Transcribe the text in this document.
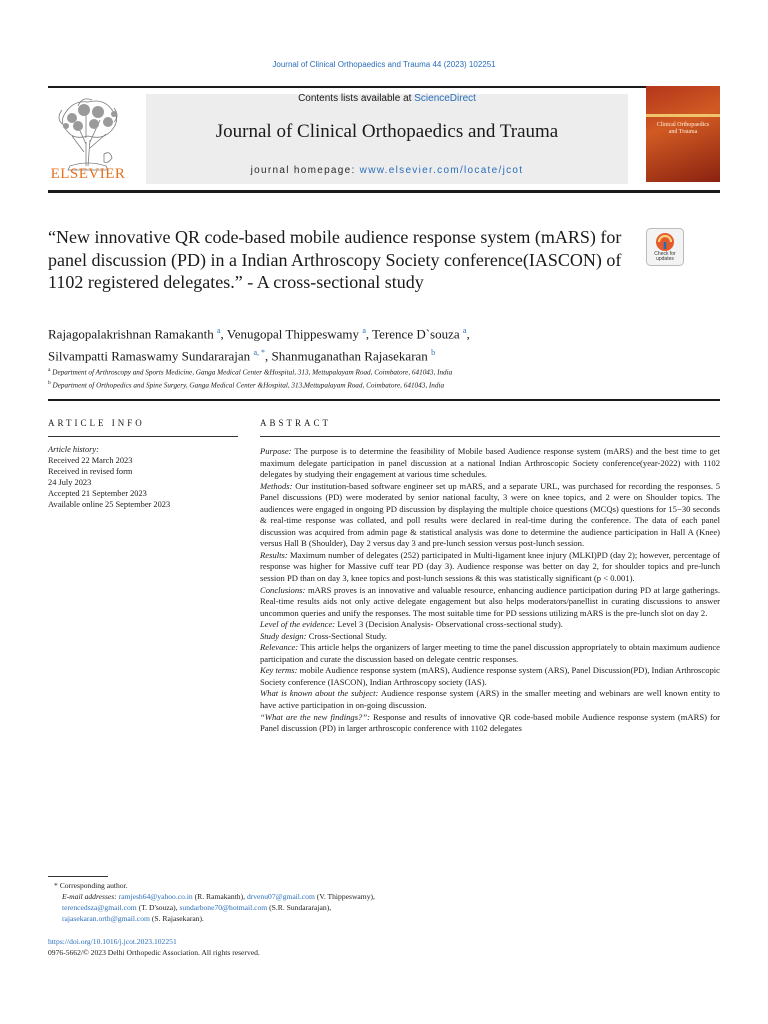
Journal of Clinical Orthopaedics and Trauma 44 (2023) 102251
ELSEVIER
Contents lists available at ScienceDirect
Journal of Clinical Orthopaedics and Trauma
journal homepage: www.elsevier.com/locate/jcot
Clinical Orthopaedics and Trauma
“New innovative QR code-based mobile audience response system (mARS) for panel discussion (PD) in a Indian Arthroscopy Society conference(IASCON) of 1102 registered delegates.” - A cross-sectional study
Check for updates
Rajagopalakrishnan Ramakanth $^a$, Venugopal Thippeswamy $^a$, Terence D`souza $^a$,
Silvampatti Ramaswamy Sundararajan $^{a, *}$, Shanmuganathan Rajasekaran $^b$
$^a$ Department of Arthroscopy and Sports Medicine, Ganga Medical Center &Hospital, 313, Mettupalayam Road, Coimbatore, 641043, India
$^b$ Department of Orthopedics and Spine Surgery, Ganga Medical Center &Hospital, 313,Mettupalayam Road, Coimbatore, 641043, India
ARTICLE INFO
Article history:
Received 22 March 2023
Received in revised form
24 July 2023
Accepted 21 September 2023
Available online 25 September 2023
ABSTRACT

Purpose: The purpose is to determine the feasibility of Mobile based Audience response system (mARS) and the best time to get maximum delegate participation in panel discussion at a national Indian Arthroscopic Society conference(year-2022) with 1102 delegates by studying their engagement at various time schedules.

Methods: Our institution-based software engineer set up mARS, and a separate URL, was purchased for recording the responses. 5 Panel discussions (PD) were moderated by senior national faculty, 3 were on knee topics, and 2 were on Shoulder topics. The audiences were engaged in ongoing PD discussion by displaying the multiple choice questions (MCQs) questions for 15−30 seconds & real-time response was collated, and poll results were declared in real-time during the conference. The data of each panel discussion was acquired from admin page & statistical analysis was done to determine the audience participation in Hall A (Knee) versus Hall B (Shoulder), Day 2 versus day 3 and pre-lunch session versus post-lunch session.

Results: Maximum number of delegates (252) participated in Multi-ligament knee injury (MLKI)PD (day 2); however, percentage of response was higher for Massive cuff tear PD (day 3). Audience response was better on day 2, for shoulder topics and pre-lunch session PD than on day 3, knee topics and post-lunch sessions & this was statistically significant (p < 0.001).

Conclusions: mARS proves is an innovative and valuable resource, enhancing audience participation during PD at large gatherings. Real-time results aids not only active delegate engagement but also helps moderators/panellist in curating discussions to answer uncommon queries and unify the responses. The most suitable time for PD sessions utilizing mARS is the pre-lunch slot on day 2.

Level of the evidence: Level 3 (Decision Analysis- Observational cross-sectional study).

Study design: Cross-Sectional Study.

Relevance: This article helps the organizers of larger meeting to time the panel discussion appropriately to obtain maximum audience participation and curate the discussion based on delegate centric responses.

Key terms: mobile Audience response system (mARS), Audience response system (ARS), Panel Discussion(PD), Indian Arthroscopic Society conference (IASCON), Indian Arthroscopy society (IAS).

What is known about the subject: Audience response system (ARS) in the smaller meeting and webinars are well known entity to have active participation in on-going discussion.

“What are the new findings?”: Response and results of innovative QR code-based mobile Audience response system (mARS) for Panel discussion (PD) in larger arthroscopic conference with 1102 delegates

* Corresponding author.
E-mail addresses: ramjesh64@yahoo.co.in (R. Ramakanth), drvenu07@gmail.com (V. Thippeswamy), terencedsza@gmail.com (T. D'souza), sundarbone70@hotmail.com (S.R. Sundararajan), rajasekaran.orth@gmail.com (S. Rajasekaran).
https://doi.org/10.1016/j.jcot.2023.102251
0976-5662/© 2023 Delhi Orthopedic Association. All rights reserved.
